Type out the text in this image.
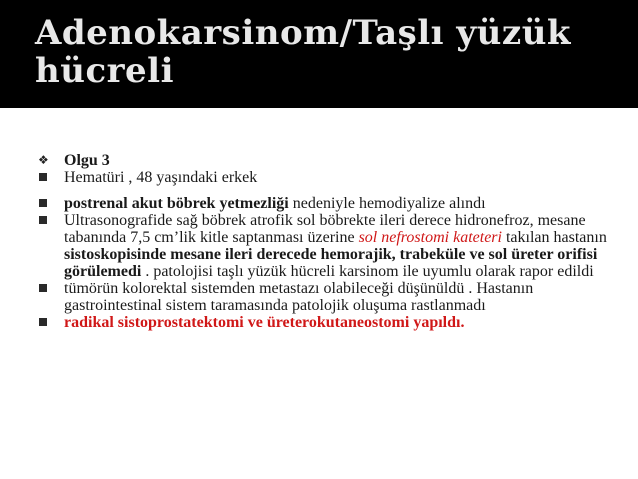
Adenokarsinom/Taşlı yüzük hücreli

❖ Olgu 3

Hematüri , 48 yaşındaki erkek

postrenal akut böbrek yetmezliği nedeniyle hemodiyalize alındı

Ultrasonografide sağ böbrek atrofik sol böbrekte ileri derece hidronefroz, mesane tabanında 7,5 cm’lik kitle saptanması üzerine sol nefrostomi kateteri takılan hastanın sistoskopisinde mesane ileri derecede hemorajik, trabeküle ve sol üreter orifisi görülemedi . patolojisi taşlı yüzük hücreli karsinom ile uyumlu olarak rapor edildi

tümörün kolorektal sistemden metastazı olabileceği düşünüldü . Hastanın gastrointestinal sistem taramasında patolojik oluşuma rastlanmadı

radikal sistoprostatektomi ve üreterokutaneostomi yapıldı.
